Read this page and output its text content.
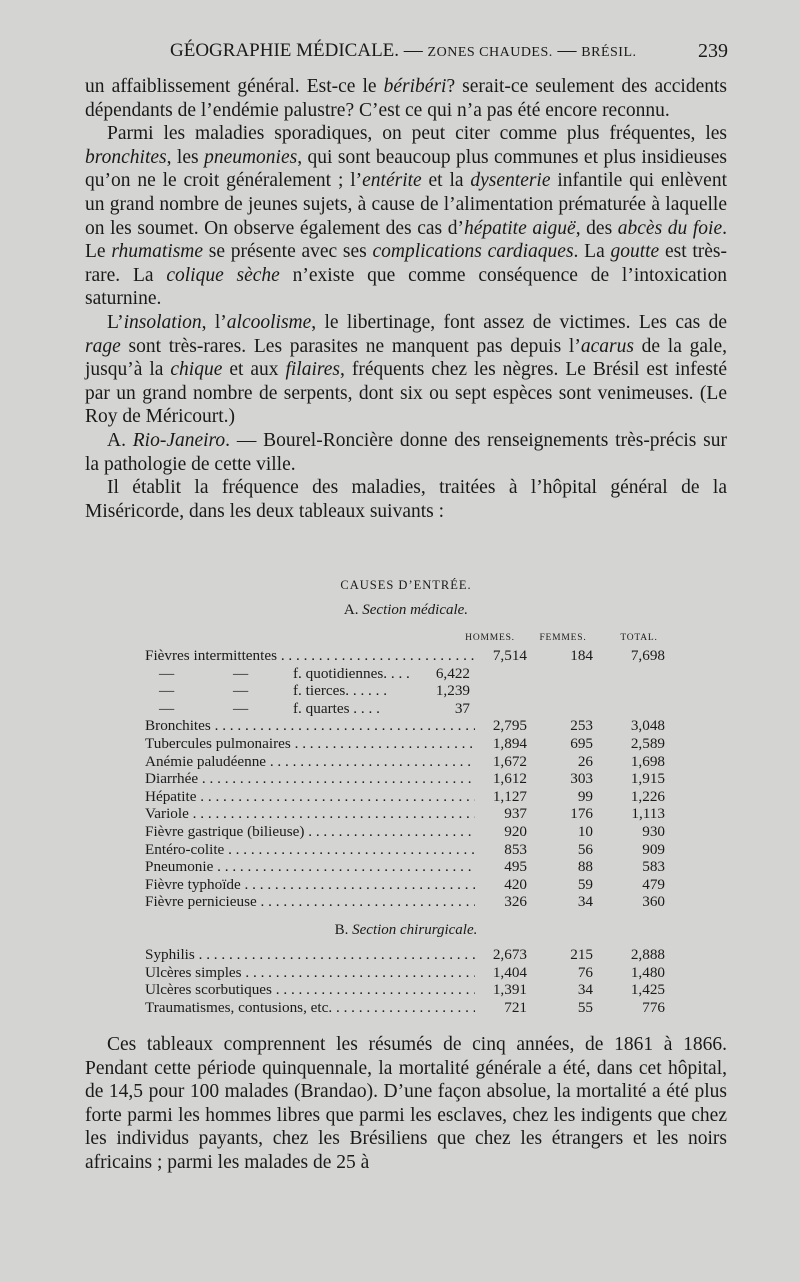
GÉOGRAPHIE MÉDICALE. — ZONES CHAUDES. — BRÉSIL.	239

un affaiblissement général. Est-ce le béribéri? serait-ce seulement des accidents dépendants de l’endémie palustre? C’est ce qui n’a pas été encore reconnu.

Parmi les maladies sporadiques, on peut citer comme plus fréquentes, les bronchites, les pneumonies, qui sont beaucoup plus communes et plus insidieuses qu’on ne le croit généralement ; l’entérite et la dysenterie infantile qui enlèvent un grand nombre de jeunes sujets, à cause de l’alimentation prématurée à laquelle on les soumet. On observe également des cas d’hépatite aiguë, des abcès du foie. Le rhumatisme se présente avec ses complications cardiaques. La goutte est très-rare. La colique sèche n’existe que comme conséquence de l’intoxication saturnine.

L’insolation, l’alcoolisme, le libertinage, font assez de victimes. Les cas de rage sont très-rares. Les parasites ne manquent pas depuis l’acarus de la gale, jusqu’à la chique et aux filaires, fréquents chez les nègres. Le Brésil est infesté par un grand nombre de serpents, dont six ou sept espèces sont venimeuses. (Le Roy de Méricourt.)

A. Rio-Janeiro. — Bourel-Roncière donne des renseignements très-précis sur la pathologie de cette ville.

Il établit la fréquence des maladies, traitées à l’hôpital général de la Miséricorde, dans les deux tableaux suivants :

CAUSES D’ENTRÉE.
A. Section médicale.
HOMMES.	FEMMES.	TOTAL.
Fièvres intermittentes . . .	7,514	184	7,698
—	—	f. quotidiennes. . . .	6,422
—	—	f. tierces. . . . . .	1,239
—	—	f. quartes . . . .	37
Bronchites . . .	2,795	253	3,048
Tubercules pulmonaires . . .	1,894	695	2,589
Anémie paludéenne . . .	1,672	26	1,698
Diarrhée . . .	1,612	303	1,915
Hépatite . . .	1,127	99	1,226
Variole . . .	937	176	1,113
Fièvre gastrique (bilieuse) . . .	920	10	930
Entéro-colite . . .	853	56	909
Pneumonie . . .	495	88	583
Fièvre typhoïde . . .	420	59	479
Fièvre pernicieuse . . .	326	34	360
B. Section chirurgicale.
Syphilis . . .	2,673	215	2,888
Ulcères simples . . .	1,404	76	1,480
Ulcères scorbutiques . . .	1,391	34	1,425
Traumatismes, contusions, etc. . . .	721	55	776

Ces tableaux comprennent les résumés de cinq années, de 1861 à 1866. Pendant cette période quinquennale, la mortalité générale a été, dans cet hôpital, de 14,5 pour 100 malades (Brandao). D’une façon absolue, la mortalité a été plus forte parmi les hommes libres que parmi les esclaves, chez les indigents que chez les individus payants, chez les Brésiliens que chez les étrangers et les noirs africains ; parmi les malades de 25 à
